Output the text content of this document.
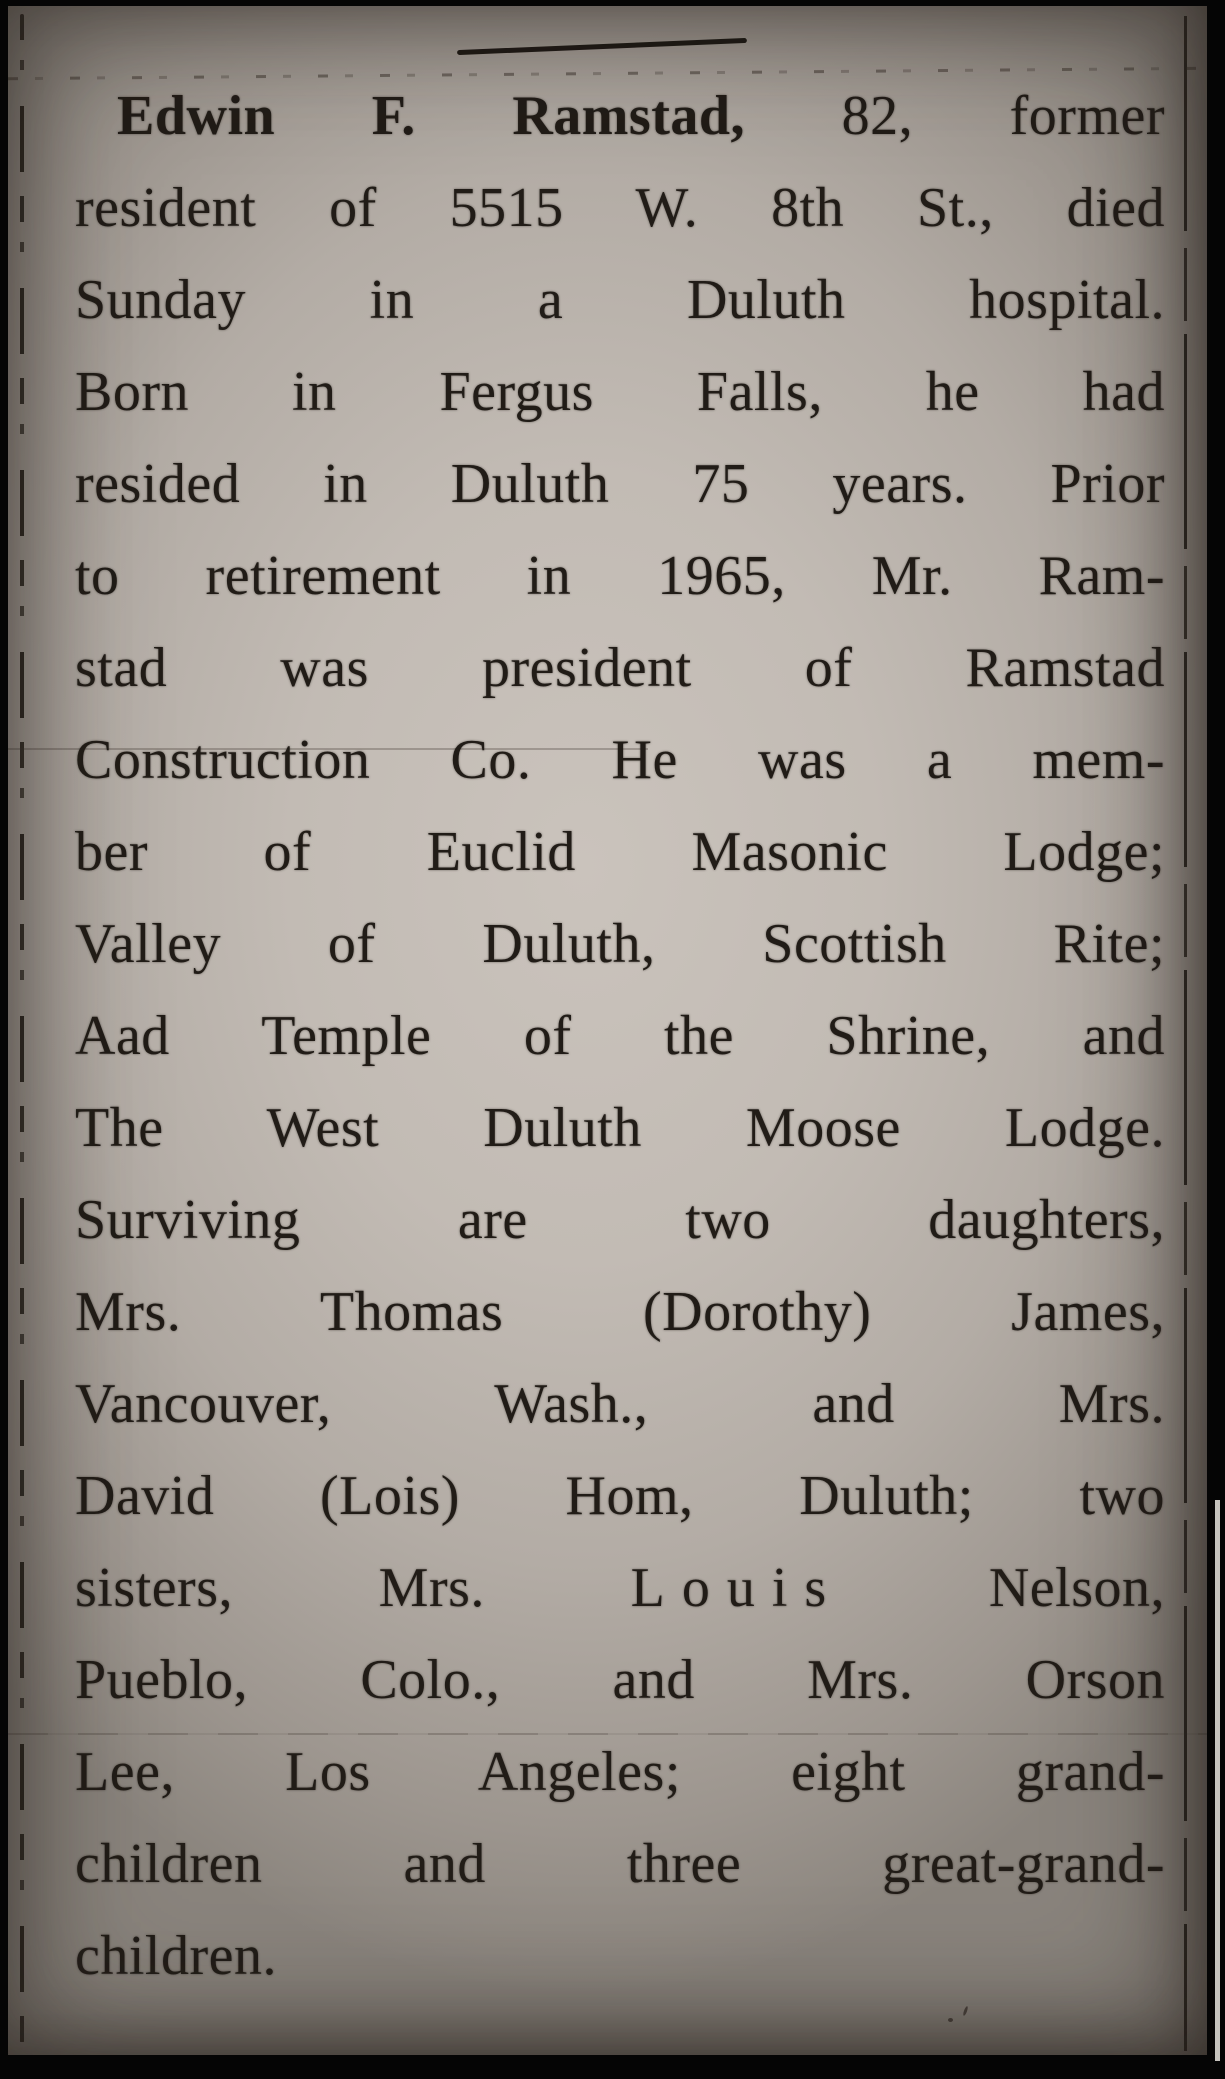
Edwin F. Ramstad, 82, former
resident of 5515 W. 8th St., died
Sunday in a Duluth hospital.
Born in Fergus Falls, he had
resided in Duluth 75 years. Prior
to retirement in 1965, Mr. Ram-
stad was president of Ramstad
Construction Co. He was a mem-
ber of Euclid Masonic Lodge;
Valley of Duluth, Scottish Rite;
Aad Temple of the Shrine, and
The West Duluth Moose Lodge.
Surviving are two daughters,
Mrs. Thomas (Dorothy) James,
Vancouver, Wash., and Mrs.
David (Lois) Hom, Duluth; two
sisters, Mrs. Louis Nelson,
Pueblo, Colo., and Mrs. Orson
Lee, Los Angeles; eight grand-
children and three great-grand-
children.
